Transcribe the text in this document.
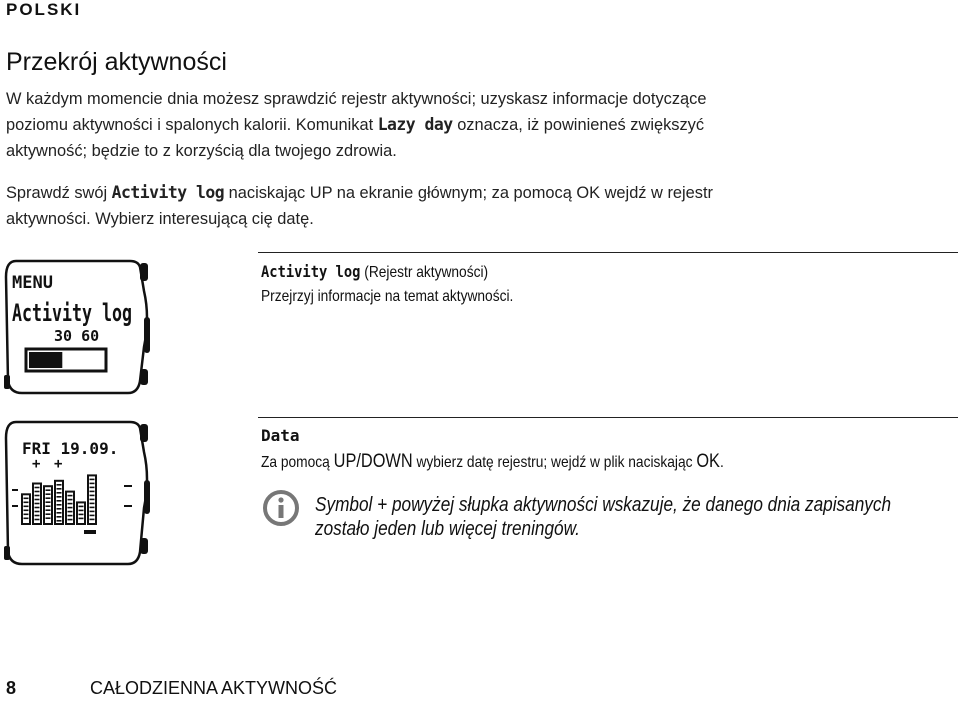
POLSKI
Przekrój aktywności
W każdym momencie dnia możesz sprawdzić rejestr aktywności; uzyskasz informacje dotyczące
poziomu aktywności i spalonych kalorii. Komunikat Lazy day oznacza, iż powinieneś zwiększyć
aktywność; będzie to z korzyścią dla twojego zdrowia.
Sprawdź swój Activity log naciskając UP na ekranie głównym; za pomocą OK wejdź w rejestr
aktywności. Wybierz interesującą cię datę.
MENU
Activity log
30 60
Activity log (Rejestr aktywności)
Przejrzyj informacje na temat aktywności.
FRI 19.09.
+ +
Data
Za pomocą UP/DOWN wybierz datę rejestru; wejdź w plik naciskając OK.
Symbol + powyżej słupka aktywności wskazuje, że danego dnia zapisanych
zostało jeden lub więcej treningów.
8	CAŁODZIENNA AKTYWNOŚĆ
